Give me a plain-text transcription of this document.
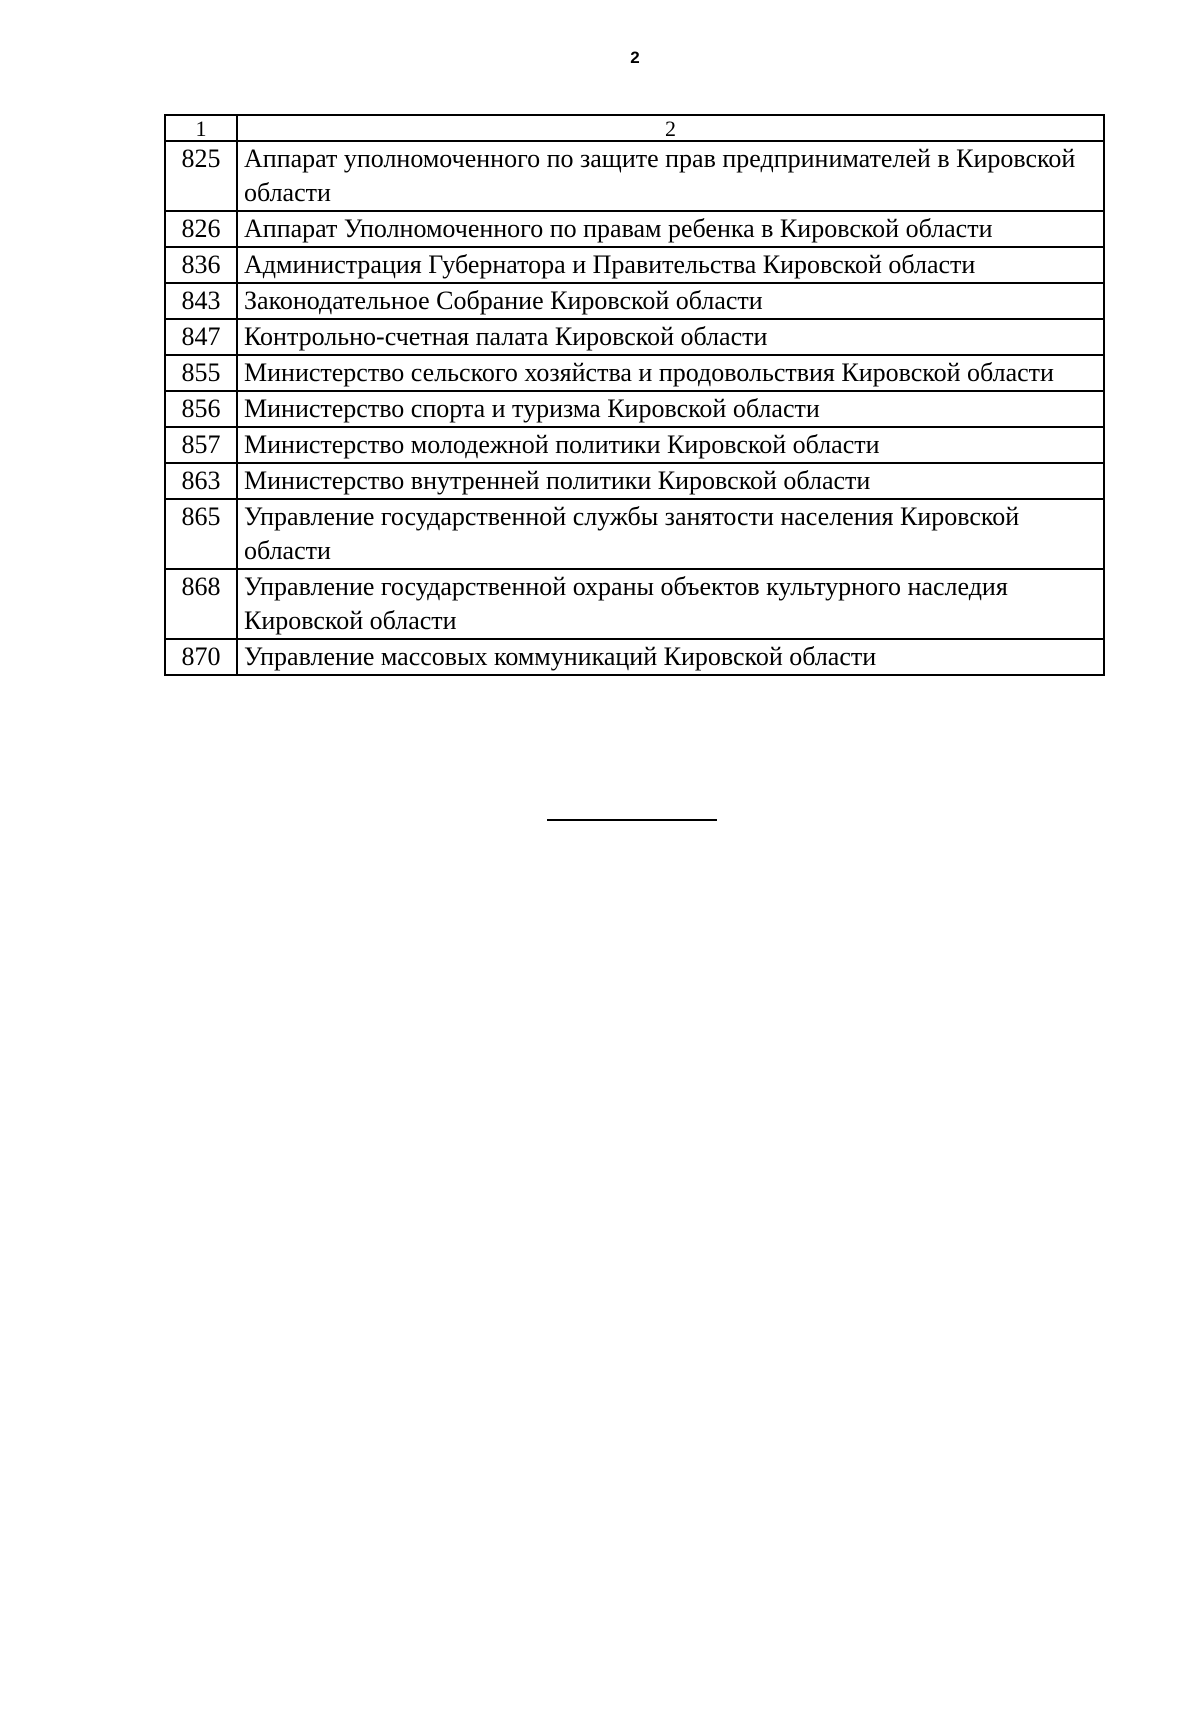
2
1	2
825	Аппарат уполномоченного по защите прав предпринимателей в Кировской области
826	Аппарат Уполномоченного по правам ребенка в Кировской области
836	Администрация Губернатора и Правительства Кировской области
843	Законодательное Собрание Кировской области
847	Контрольно-счетная палата Кировской области
855	Министерство сельского хозяйства и продовольствия Кировской области
856	Министерство спорта и туризма Кировской области
857	Министерство молодежной политики Кировской области
863	Министерство внутренней политики Кировской области
865	Управление государственной службы занятости населения Кировской области
868	Управление государственной охраны объектов культурного наследия Кировской области
870	Управление массовых коммуникаций Кировской области
